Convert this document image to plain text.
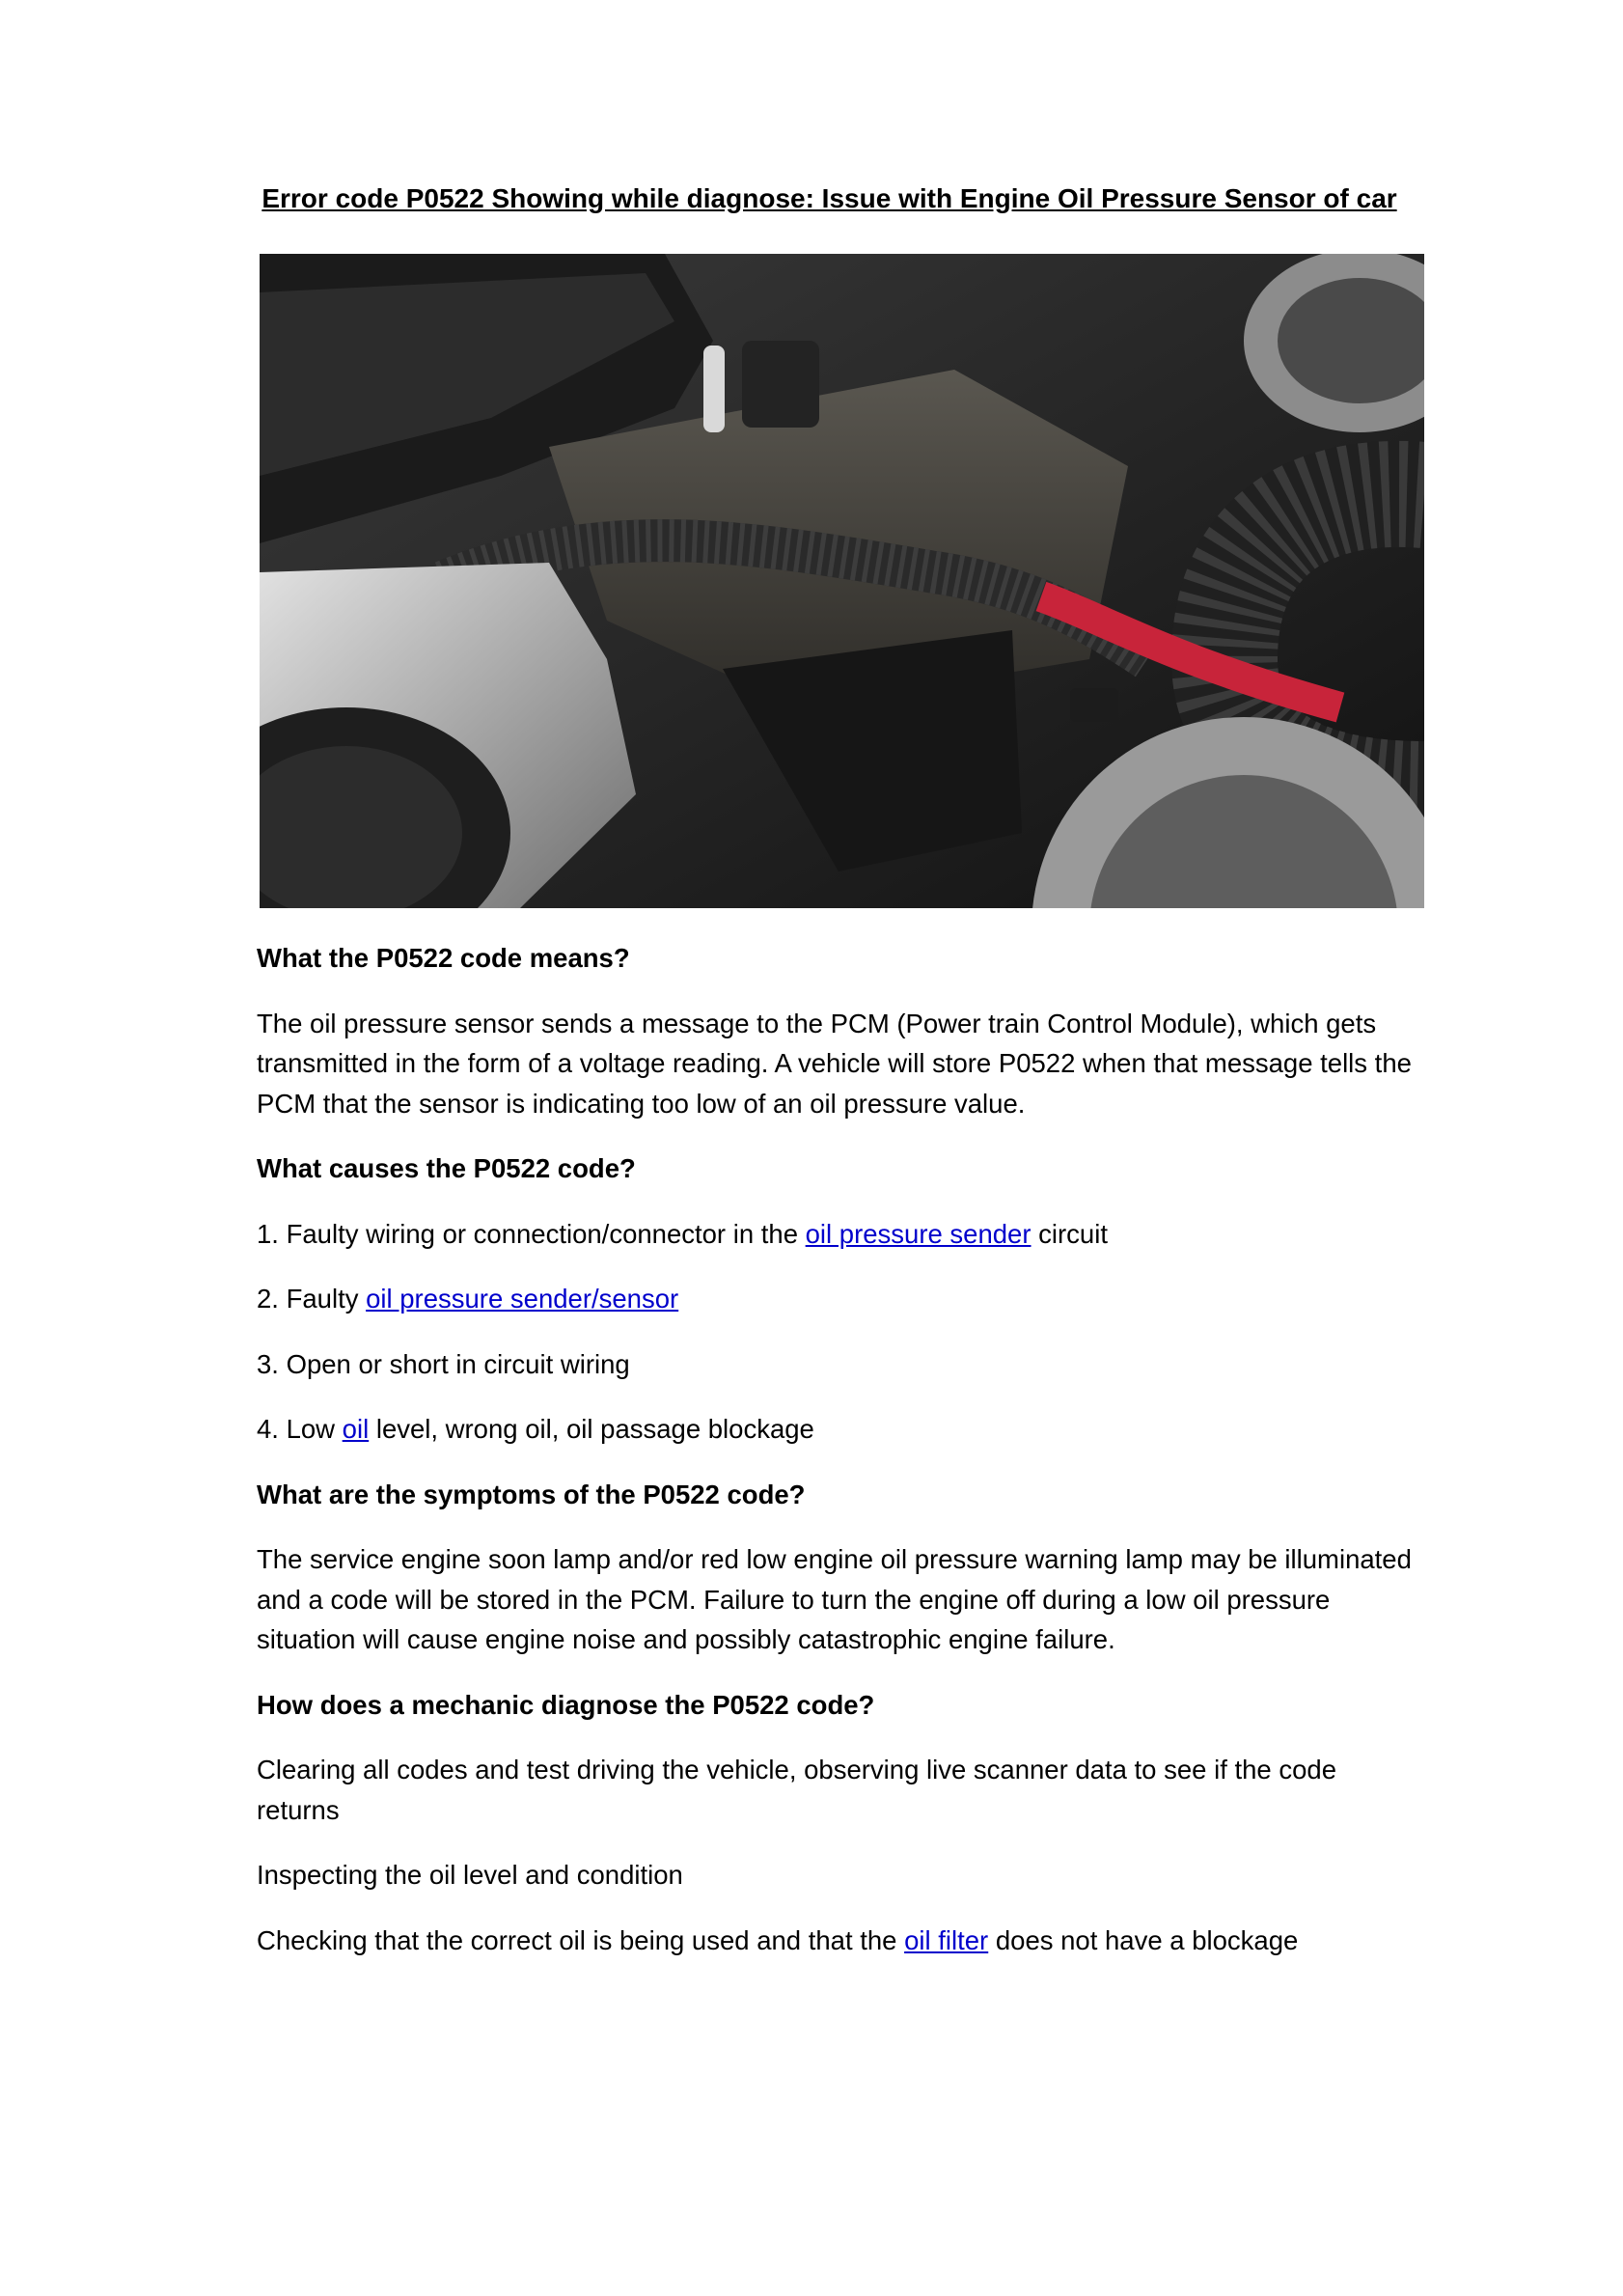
Error code P0522 Showing while diagnose: Issue with Engine Oil Pressure Sensor of car
What the P0522 code means?

The oil pressure sensor sends a message to the PCM (Power train Control Module), which gets transmitted in the form of a voltage reading. A vehicle will store P0522 when that message tells the PCM that the sensor is indicating too low of an oil pressure value.

What causes the P0522 code?

1. Faulty wiring or connection/connector in the oil pressure sender circuit

2. Faulty oil pressure sender/sensor

3. Open or short in circuit wiring

4. Low oil level, wrong oil, oil passage blockage

What are the symptoms of the P0522 code?

The service engine soon lamp and/or red low engine oil pressure warning lamp may be illuminated and a code will be stored in the PCM. Failure to turn the engine off during a low oil pressure situation will cause engine noise and possibly catastrophic engine failure.

How does a mechanic diagnose the P0522 code?

Clearing all codes and test driving the vehicle, observing live scanner data to see if the code returns

Inspecting the oil level and condition

Checking that the correct oil is being used and that the oil filter does not have a blockage
